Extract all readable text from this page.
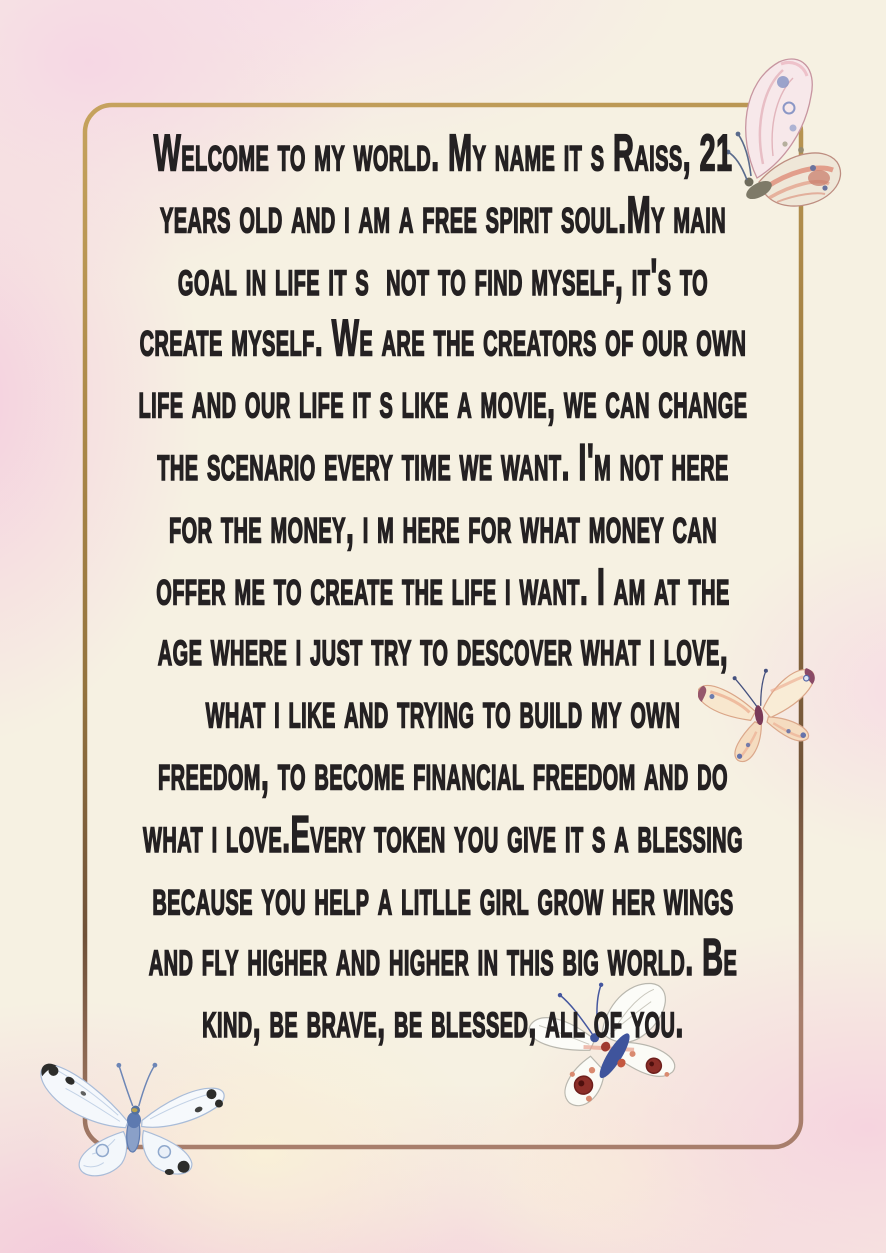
Welcome to my world. My name it s Raiss, 21
years old and i am a free spirit soul.My main
goal in life it s  not to find myself, it's to
create myself. We are the creators of our own
life and our life it s like a movie, we can change
the scenario every time we want. I'm not here
for the money, i m here for what money can
offer me to create the life i want. I am at the
age where i just try to descover what i love,
what i like and trying to build my own
freedom, to become financial freedom and do
what i love.Every token you give it s a blessing
because you help a litlle girl grow her wings
and fly higher and higher in this big world. Be
kind, be brave, be blessed, all of you.
